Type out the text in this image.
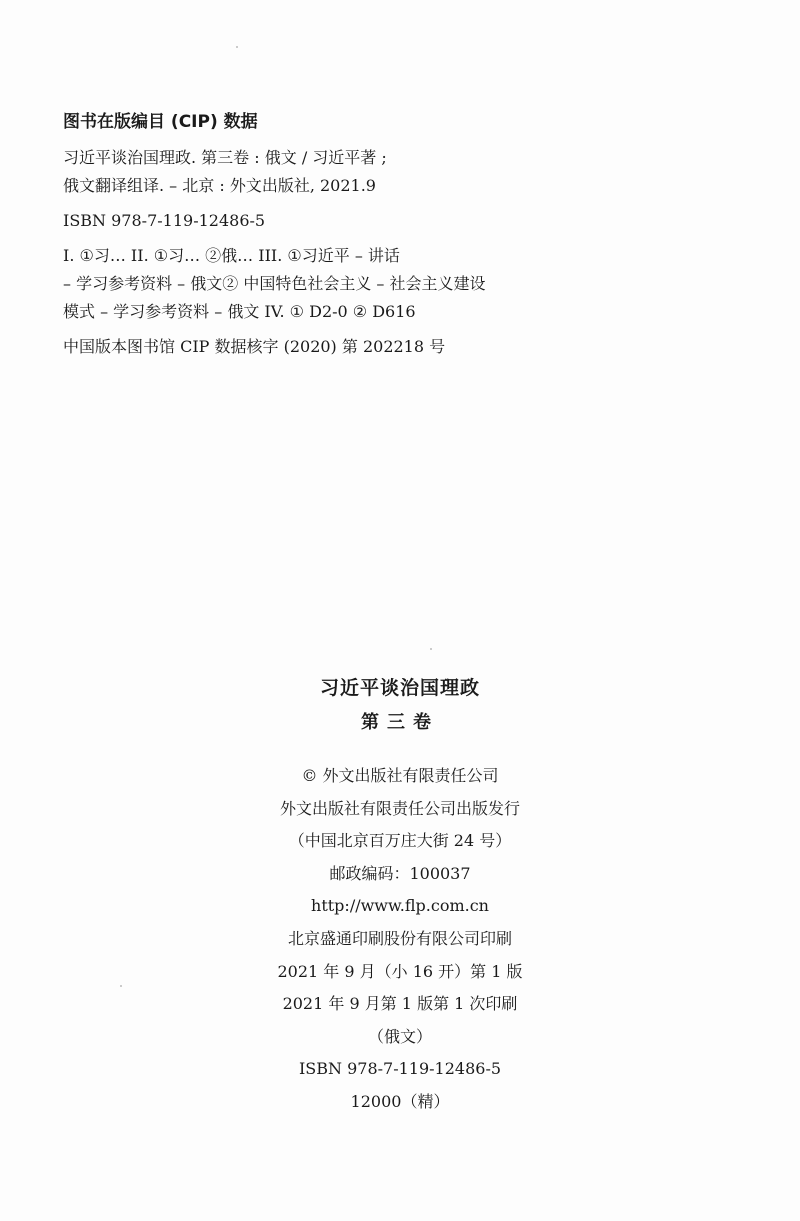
图书在版编目 (CIP) 数据
习近平谈治国理政. 第三卷 : 俄文 / 习近平著 ;
俄文翻译组译. – 北京 : 外文出版社, 2021.9
ISBN 978-7-119-12486-5
I. ①习… II. ①习… ②俄… III. ①习近平 – 讲话
– 学习参考资料 – 俄文② 中国特色社会主义 – 社会主义建设
模式 – 学习参考资料 – 俄文 IV. ① D2-0 ② D616
中国版本图书馆 CIP 数据核字 (2020) 第 202218 号
习近平谈治国理政
第三卷
© 外文出版社有限责任公司
外文出版社有限责任公司出版发行
（中国北京百万庄大街 24 号）
邮政编码：100037
http://www.flp.com.cn
北京盛通印刷股份有限公司印刷
2021 年 9 月（小 16 开）第 1 版
2021 年 9 月第 1 版第 1 次印刷
（俄文）
ISBN 978-7-119-12486-5
12000（精）
